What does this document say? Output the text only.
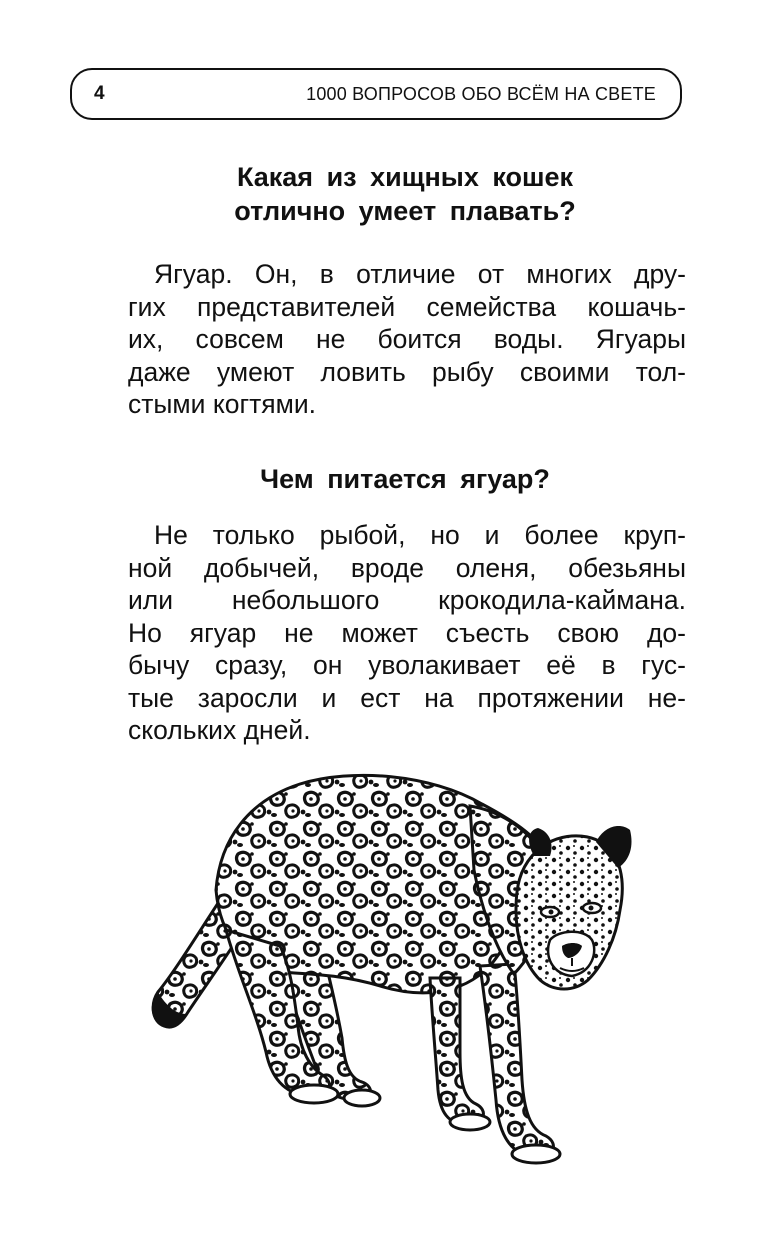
4	1000 ВОПРОСОВ ОБО ВСЁМ НА СВЕТЕ
Какая из хищных кошек
отлично умеет плавать?
Ягуар. Он, в отличие от многих дру-
гих представителей семейства кошачь-
их, совсем не боится воды. Ягуары
даже умеют ловить рыбу своими тол-
стыми когтями.
Чем питается ягуар?
Не только рыбой, но и более круп-
ной добычей, вроде оленя, обезьяны
или небольшого крокодила-каймана.
Но ягуар не может съесть свою до-
бычу сразу, он уволакивает её в гус-
тые заросли и ест на протяжении не-
скольких дней.
